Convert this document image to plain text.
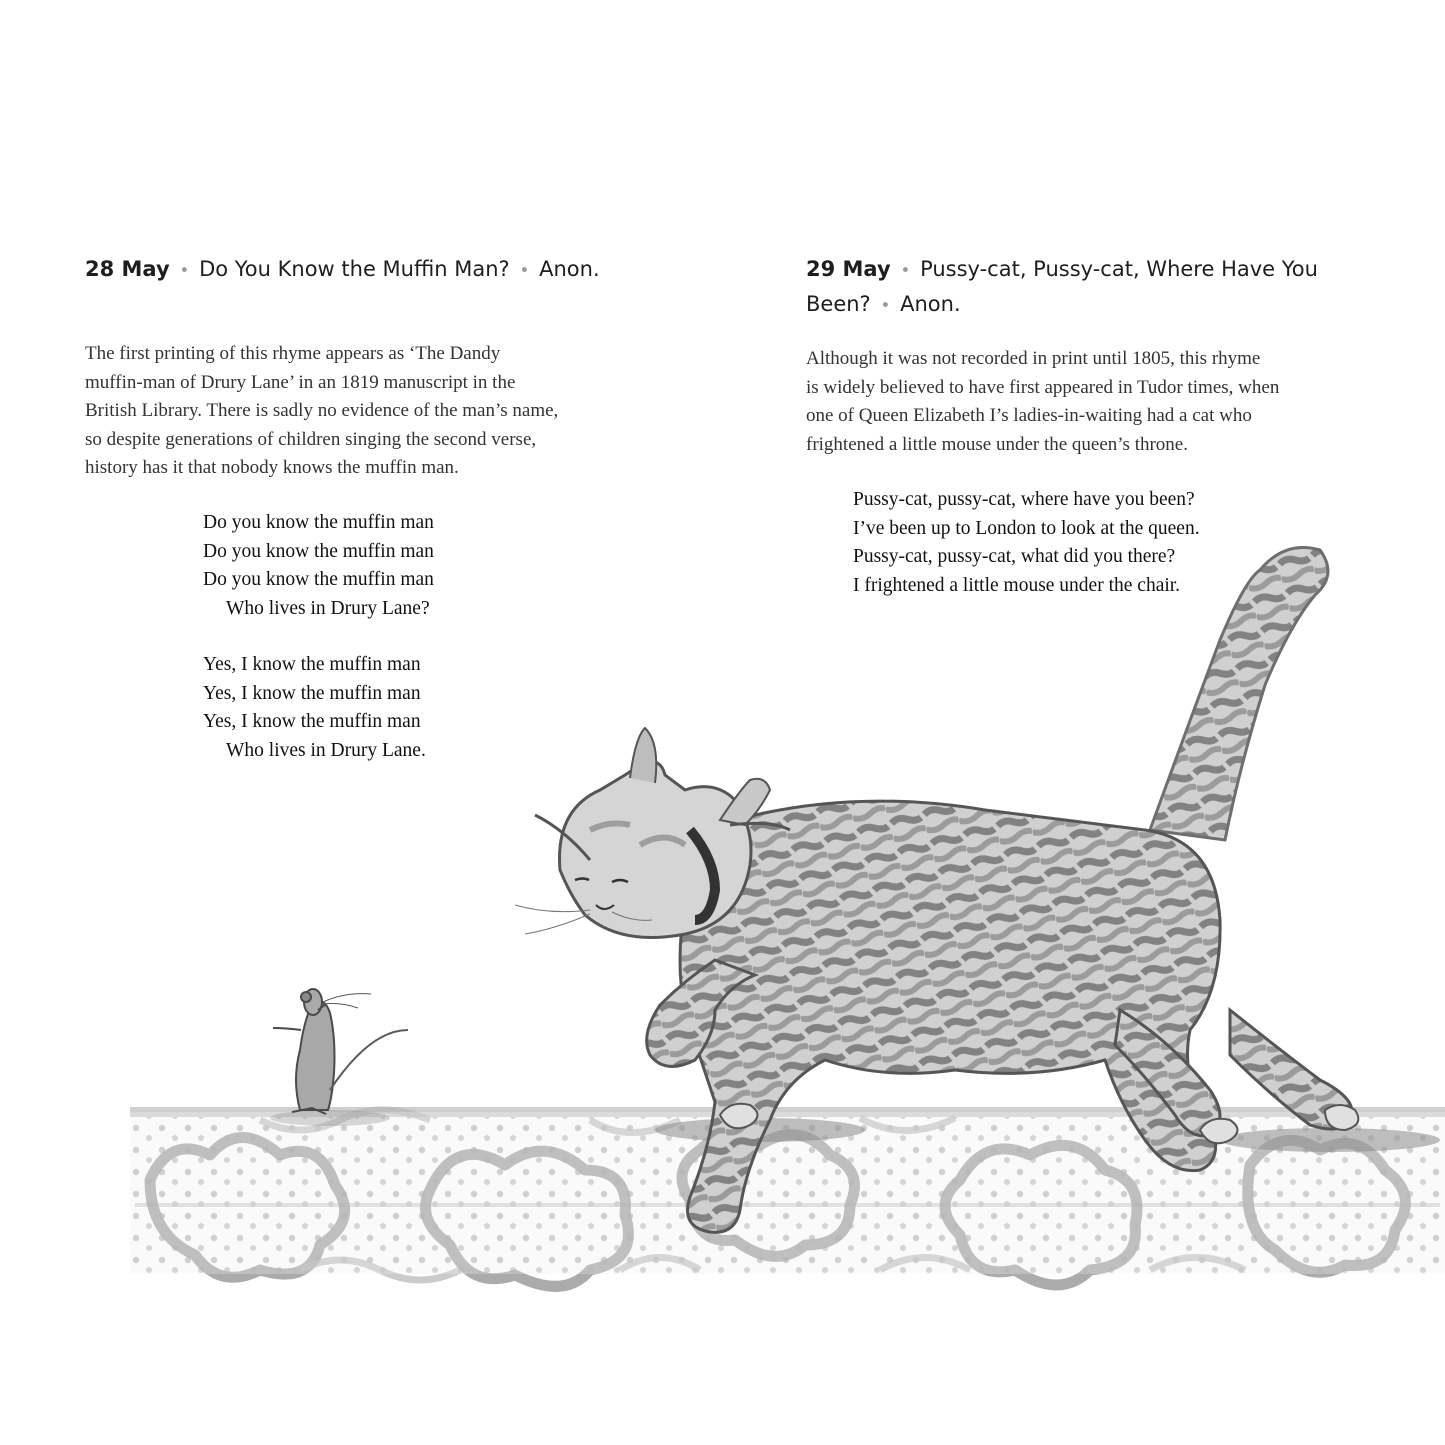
28 May • Do You Know the Muffin Man? • Anon.

The first printing of this rhyme appears as ‘The Dandy
muffin-man of Drury Lane’ in an 1819 manuscript in the
British Library. There is sadly no evidence of the man’s name,
so despite generations of children singing the second verse,
history has it that nobody knows the muffin man.

Do you know the muffin man
Do you know the muffin man
Do you know the muffin man
Who lives in Drury Lane?
Yes, I know the muffin man
Yes, I know the muffin man
Yes, I know the muffin man
Who lives in Drury Lane.
29 May • Pussy-cat, Pussy-cat, Where Have You
Been? • Anon.

Although it was not recorded in print until 1805, this rhyme
is widely believed to have first appeared in Tudor times, when
one of Queen Elizabeth I’s ladies-in-waiting had a cat who
frightened a little mouse under the queen’s throne.

Pussy-cat, pussy-cat, where have you been?
I’ve been up to London to look at the queen.
Pussy-cat, pussy-cat, what did you there?
I frightened a little mouse under the chair.
